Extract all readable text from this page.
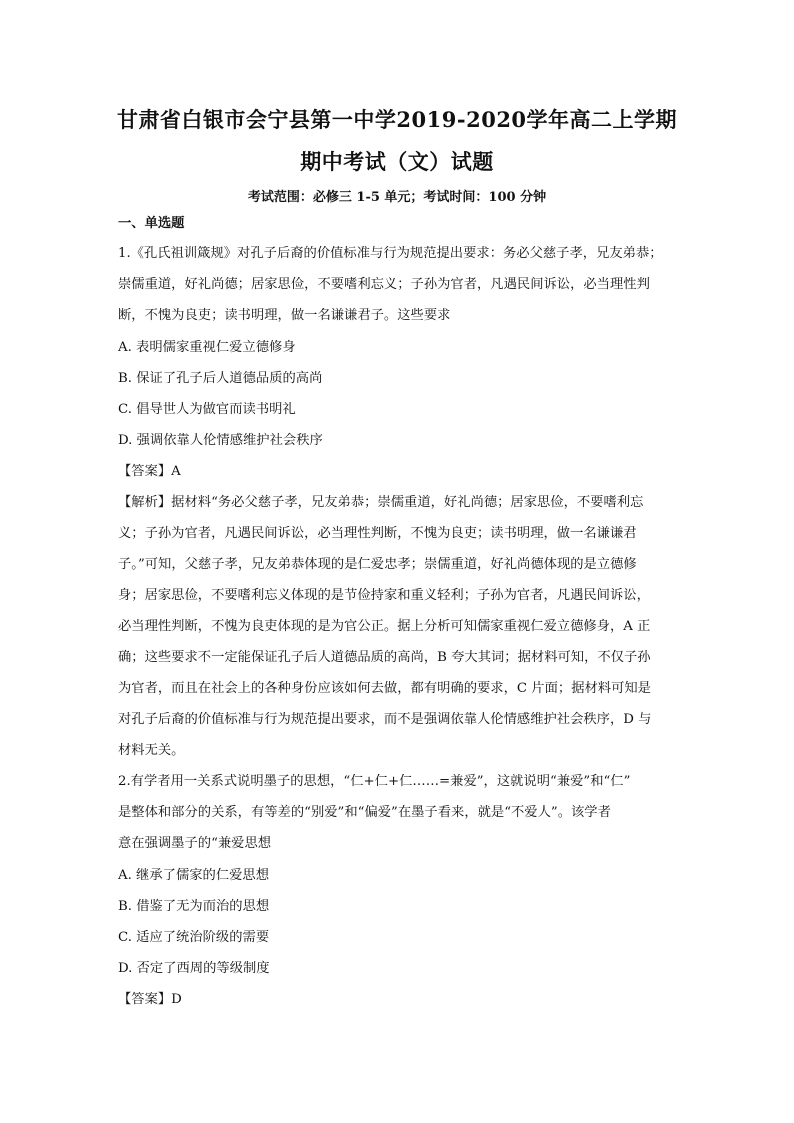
甘肃省白银市会宁县第一中学2019-2020学年高二上学期
期中考试（文）试题

考试范围：必修三 1-5 单元；考试时间：100 分钟

一、单选题

1.《孔氏祖训箴规》对孔子后裔的价值标准与行为规范提出要求：务必父慈子孝，兄友弟恭；

崇儒重道，好礼尚德；居家思俭，不要嗜利忘义；子孙为官者，凡遇民间诉讼，必当理性判

断，不愧为良吏；读书明理，做一名谦谦君子。这些要求

A. 表明儒家重视仁爱立德修身

B. 保证了孔子后人道德品质的高尚

C. 倡导世人为做官而读书明礼

D. 强调依靠人伦情感维护社会秩序

【答案】A

【解析】据材料“务必父慈子孝，兄友弟恭；崇儒重道，好礼尚德；居家思俭，不要嗜利忘

义；子孙为官者，凡遇民间诉讼，必当理性判断，不愧为良吏；读书明理，做一名谦谦君

子。”可知，父慈子孝，兄友弟恭体现的是仁爱忠孝；崇儒重道，好礼尚德体现的是立德修

身；居家思俭，不要嗜利忘义体现的是节俭持家和重义轻利；子孙为官者，凡遇民间诉讼，

必当理性判断，不愧为良吏体现的是为官公正。据上分析可知儒家重视仁爱立德修身，A 正

确；这些要求不一定能保证孔子后人道德品质的高尚，B 夸大其词；据材料可知，不仅子孙

为官者，而且在社会上的各种身份应该如何去做，都有明确的要求，C 片面；据材料可知是

对孔子后裔的价值标准与行为规范提出要求，而不是强调依靠人伦情感维护社会秩序，D 与

材料无关。

2.有学者用一关系式说明墨子的思想，“仁+仁+仁……=兼爱”，这就说明“兼爱”和“仁”

是整体和部分的关系，有等差的“别爱”和“偏爱”在墨子看来，就是“不爱人”。该学者

意在强调墨子的“兼爱思想

A. 继承了儒家的仁爱思想

B. 借鉴了无为而治的思想

C. 适应了统治阶级的需要

D. 否定了西周的等级制度

【答案】D
